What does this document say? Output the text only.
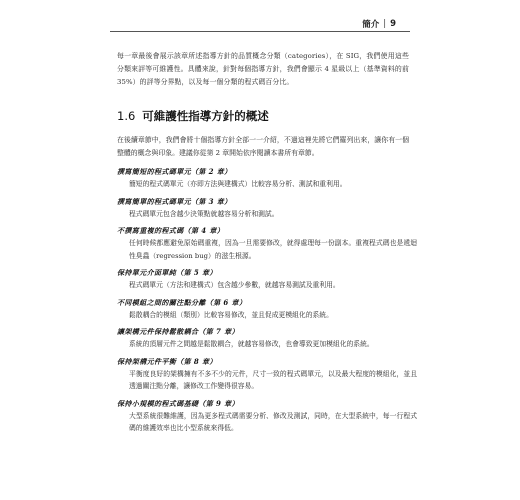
簡介 | 9

每一章最後會展示該章所述指導方針的品質概念分類（categories），在 SIG，我們使用這些分類來評等可維護性。具體來說，針對每個指導方針，我們會顯示 4 星級以上（基準資料的前 35%）的評等分界點，以及每一個分類的程式碼百分比。

1.6 可維護性指導方針的概述

在後續章節中，我們會將十個指導方針全部一一介紹，不過這裡先將它們羅列出來，讓你有一個整體的概念與印象。建議你從第 2 章開始依序閱讀本書所有章節。

撰寫簡短的程式碼單元（第 2 章）
簡短的程式碼單元（亦即方法與建構式）比較容易分析、測試和重利用。
撰寫簡單的程式碼單元（第 3 章）
程式碼單元包含越少決策點就越容易分析和測試。
不撰寫重複的程式碼（第 4 章）
任何時候都應避免原始碼重複，因為一旦需要修改，就得處理每一份副本。重複程式碼也是遞迴性臭蟲（regression bug）的滋生根源。
保持單元介面單純（第 5 章）
程式碼單元（方法和建構式）包含越少參數，就越容易測試及重利用。
不同模組之間的關注點分離（第 6 章）
鬆散耦合的模組（類別）比較容易修改，並且促成更模組化的系統。
讓架構元件保持鬆散耦合（第 7 章）
系統的頂層元件之間越是鬆散耦合，就越容易修改，也會導致更加模組化的系統。
保持架構元件平衡（第 8 章）
平衡度良好的架構擁有不多不少的元件，尺寸一致的程式碼單元，以及最大程度的模組化，並且透過關注點分離，讓修改工作變得很容易。
保持小規模的程式碼基礎（第 9 章）
大型系統很難維護，因為更多程式碼需要分析、修改及測試，同時，在大型系統中，每一行程式碼的維護效率也比小型系統來得低。
